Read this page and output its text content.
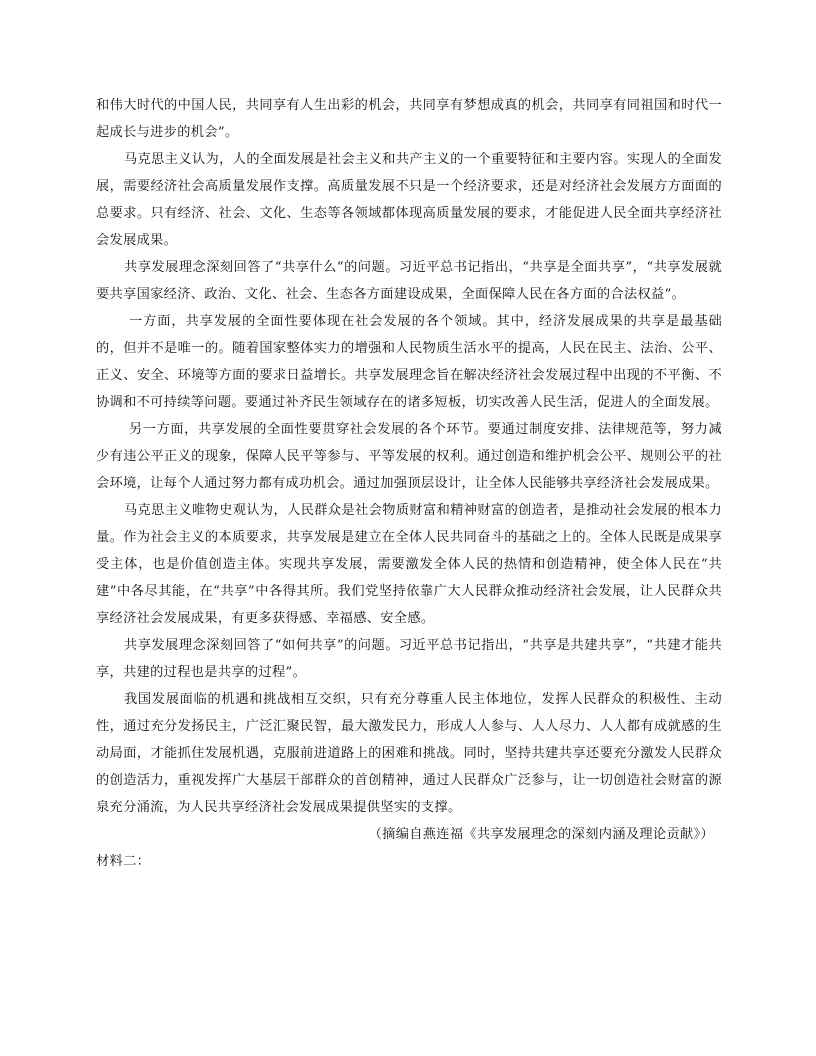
和伟大时代的中国人民，共同享有人生出彩的机会，共同享有梦想成真的机会，共同享有同祖国和时代一起成长与进步的机会”。

马克思主义认为，人的全面发展是社会主义和共产主义的一个重要特征和主要内容。实现人的全面发展，需要经济社会高质量发展作支撑。高质量发展不只是一个经济要求，还是对经济社会发展方方面面的总要求。只有经济、社会、文化、生态等各领域都体现高质量发展的要求，才能促进人民全面共享经济社会发展成果。

共享发展理念深刻回答了“共享什么”的问题。习近平总书记指出，“共享是全面共享”，“共享发展就要共享国家经济、政治、文化、社会、生态各方面建设成果，全面保障人民在各方面的合法权益”。

一方面，共享发展的全面性要体现在社会发展的各个领域。其中，经济发展成果的共享是最基础的，但并不是唯一的。随着国家整体实力的增强和人民物质生活水平的提高，人民在民主、法治、公平、正义、安全、环境等方面的要求日益增长。共享发展理念旨在解决经济社会发展过程中出现的不平衡、不协调和不可持续等问题。要通过补齐民生领域存在的诸多短板，切实改善人民生活，促进人的全面发展。

另一方面，共享发展的全面性要贯穿社会发展的各个环节。要通过制度安排、法律规范等，努力减少有违公平正义的现象，保障人民平等参与、平等发展的权利。通过创造和维护机会公平、规则公平的社会环境，让每个人通过努力都有成功机会。通过加强顶层设计，让全体人民能够共享经济社会发展成果。

马克思主义唯物史观认为，人民群众是社会物质财富和精神财富的创造者，是推动社会发展的根本力量。作为社会主义的本质要求，共享发展是建立在全体人民共同奋斗的基础之上的。全体人民既是成果享受主体，也是价值创造主体。实现共享发展，需要激发全体人民的热情和创造精神，使全体人民在“共建”中各尽其能，在“共享”中各得其所。我们党坚持依靠广大人民群众推动经济社会发展，让人民群众共享经济社会发展成果，有更多获得感、幸福感、安全感。

共享发展理念深刻回答了“如何共享”的问题。习近平总书记指出，“共享是共建共享”，“共建才能共享，共建的过程也是共享的过程”。

我国发展面临的机遇和挑战相互交织，只有充分尊重人民主体地位，发挥人民群众的积极性、主动性，通过充分发扬民主，广泛汇聚民智，最大激发民力，形成人人参与、人人尽力、人人都有成就感的生动局面，才能抓住发展机遇，克服前进道路上的困难和挑战。同时，坚持共建共享还要充分激发人民群众的创造活力，重视发挥广大基层干部群众的首创精神，通过人民群众广泛参与，让一切创造社会财富的源泉充分涌流，为人民共享经济社会发展成果提供坚实的支撑。

（摘编自燕连福《共享发展理念的深刻内涵及理论贡献》）

材料二：
